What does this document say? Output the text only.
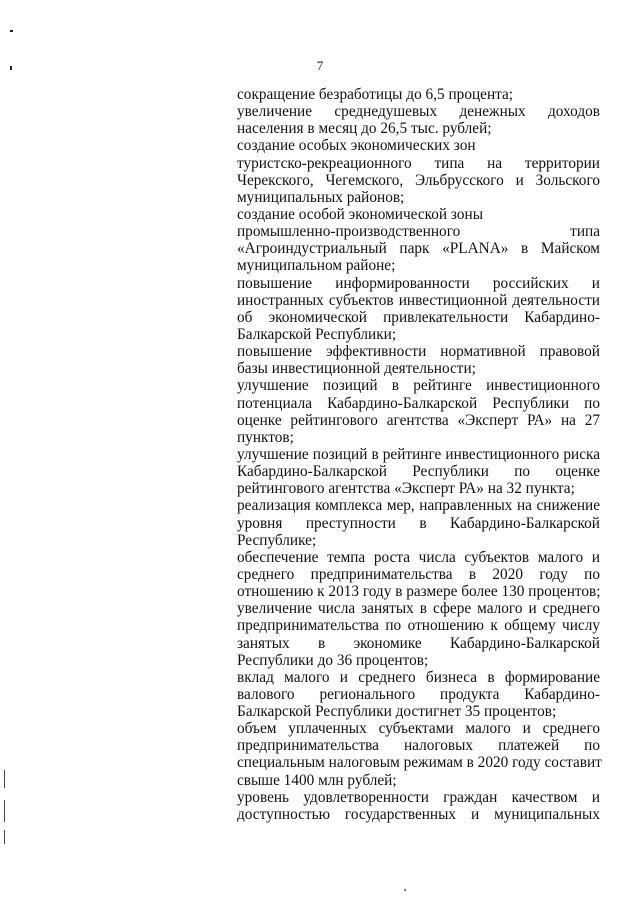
7
сокращение безработицы до 6,5 процента;
увеличение среднедушевых денежных доходов
населения в месяц до 26,5 тыс. рублей;
создание особых экономических зон
туристско-рекреационного типа на территории
Черекского, Чегемского, Эльбрусского и Зольского
муниципальных районов;
создание особой экономической зоны
промышленно-производственного типа
«Агроиндустриальный парк «PLANA» в Майском
муниципальном районе;
повышение информированности российских и
иностранных субъектов инвестиционной деятельности
об экономической привлекательности Кабардино-
Балкарской Республики;
повышение эффективности нормативной правовой
базы инвестиционной деятельности;
улучшение позиций в рейтинге инвестиционного
потенциала Кабардино-Балкарской Республики по
оценке рейтингового агентства «Эксперт РА» на 27
пунктов;
улучшение позиций в рейтинге инвестиционного риска
Кабардино-Балкарской Республики по оценке
рейтингового агентства «Эксперт РА» на 32 пункта;
реализация комплекса мер, направленных на снижение
уровня преступности в Кабардино-Балкарской
Республике;
обеспечение темпа роста числа субъектов малого и
среднего предпринимательства в 2020 году по
отношению к 2013 году в размере более 130 процентов;
увеличение числа занятых в сфере малого и среднего
предпринимательства по отношению к общему числу
занятых в экономике Кабардино-Балкарской
Республики до 36 процентов;
вклад малого и среднего бизнеса в формирование
валового регионального продукта Кабардино-
Балкарской Республики достигнет 35 процентов;
объем уплаченных субъектами малого и среднего
предпринимательства налоговых платежей по
специальным налоговым режимам в 2020 году составит
свыше 1400 млн рублей;
уровень удовлетворенности граждан качеством и
доступностью государственных и муниципальных
